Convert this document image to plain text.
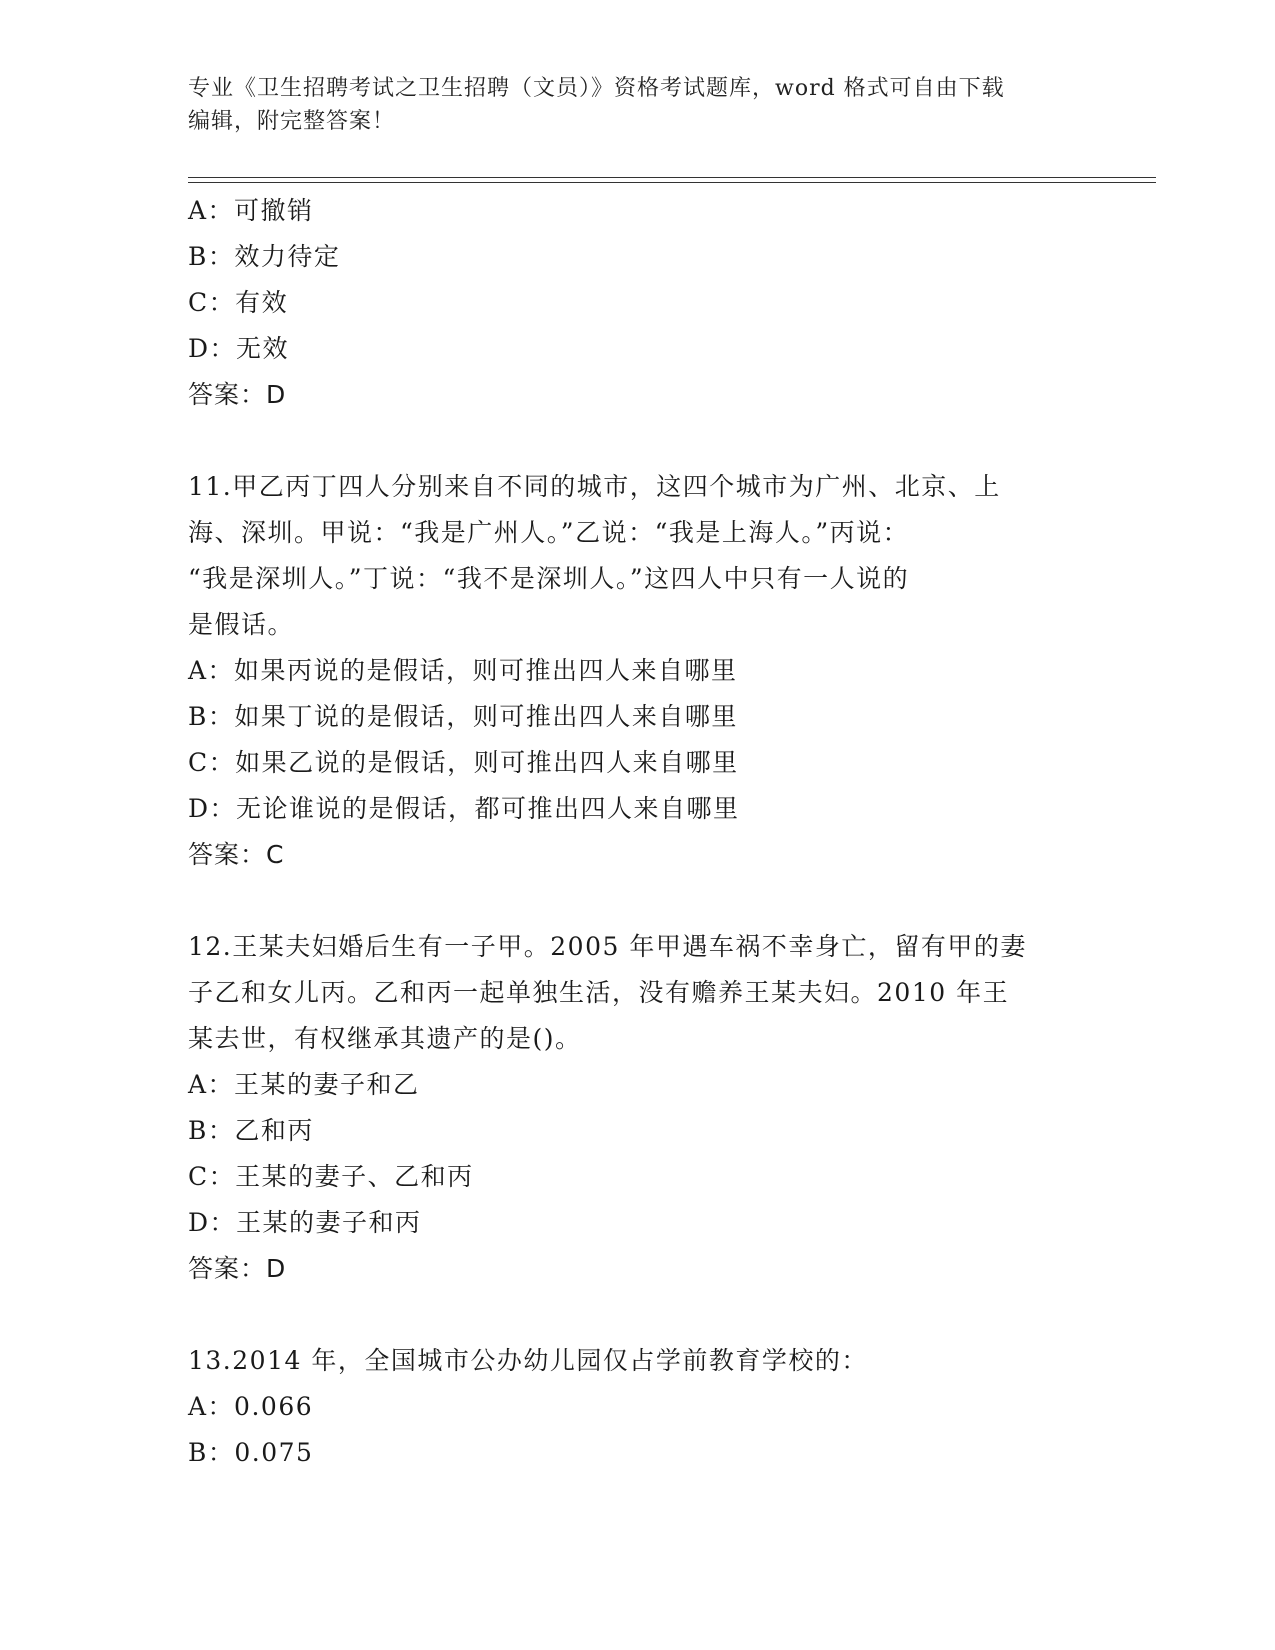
专业《卫生招聘考试之卫生招聘（文员）》资格考试题库，word 格式可自由下载
编辑，附完整答案！
A：可撤销
B：效力待定
C：有效
D：无效
答案：D
11.甲乙丙丁四人分别来自不同的城市，这四个城市为广州、北京、上
海、深圳。甲说：“我是广州人。”乙说：“我是上海人。”丙说：
“我是深圳人。”丁说：“我不是深圳人。”这四人中只有一人说的
是假话。
A：如果丙说的是假话，则可推出四人来自哪里
B：如果丁说的是假话，则可推出四人来自哪里
C：如果乙说的是假话，则可推出四人来自哪里
D：无论谁说的是假话，都可推出四人来自哪里
答案：C
12.王某夫妇婚后生有一子甲。2005 年甲遇车祸不幸身亡，留有甲的妻
子乙和女儿丙。乙和丙一起单独生活，没有赡养王某夫妇。2010 年王
某去世，有权继承其遗产的是()。
A：王某的妻子和乙
B：乙和丙
C：王某的妻子、乙和丙
D：王某的妻子和丙
答案：D
13.2014 年，全国城市公办幼儿园仅占学前教育学校的：
A：0.066
B：0.075
